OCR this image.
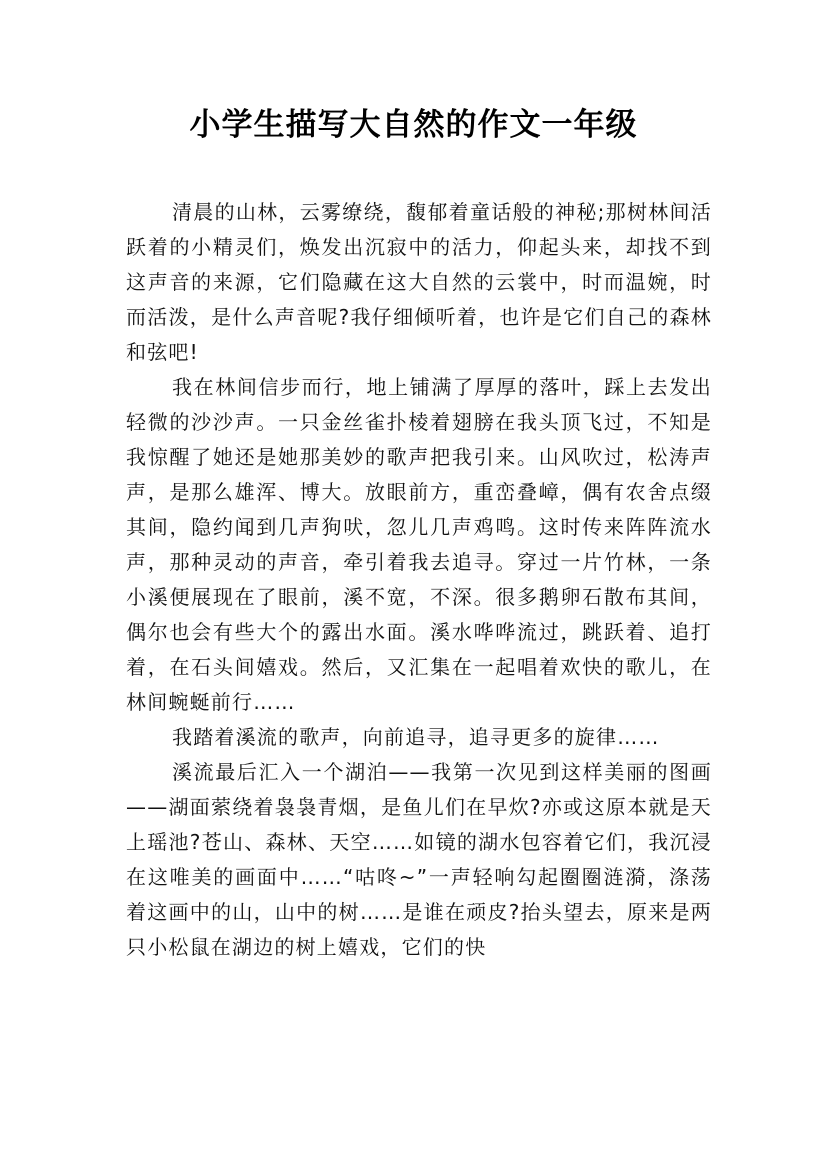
小学生描写大自然的作文一年级

清晨的山林，云雾缭绕，馥郁着童话般的神秘;那树林间活跃着的小精灵们，焕发出沉寂中的活力，仰起头来，却找不到这声音的来源，它们隐藏在这大自然的云裳中，时而温婉，时而活泼，是什么声音呢?我仔细倾听着，也许是它们自己的森林和弦吧!

我在林间信步而行，地上铺满了厚厚的落叶，踩上去发出轻微的沙沙声。一只金丝雀扑棱着翅膀在我头顶飞过，不知是我惊醒了她还是她那美妙的歌声把我引来。山风吹过，松涛声声，是那么雄浑、博大。放眼前方，重峦叠嶂，偶有农舍点缀其间，隐约闻到几声狗吠，忽儿几声鸡鸣。这时传来阵阵流水声，那种灵动的声音，牵引着我去追寻。穿过一片竹林，一条小溪便展现在了眼前，溪不宽，不深。很多鹅卵石散布其间，偶尔也会有些大个的露出水面。溪水哗哗流过，跳跃着、追打着，在石头间嬉戏。然后，又汇集在一起唱着欢快的歌儿，在林间蜿蜒前行……

我踏着溪流的歌声，向前追寻，追寻更多的旋律……

溪流最后汇入一个湖泊——我第一次见到这样美丽的图画——湖面萦绕着袅袅青烟，是鱼儿们在早炊?亦或这原本就是天上瑶池?苍山、森林、天空……如镜的湖水包容着它们，我沉浸在这唯美的画面中……“咕咚~”一声轻响勾起圈圈涟漪，涤荡着这画中的山，山中的树……是谁在顽皮?抬头望去，原来是两只小松鼠在湖边的树上嬉戏，它们的快
